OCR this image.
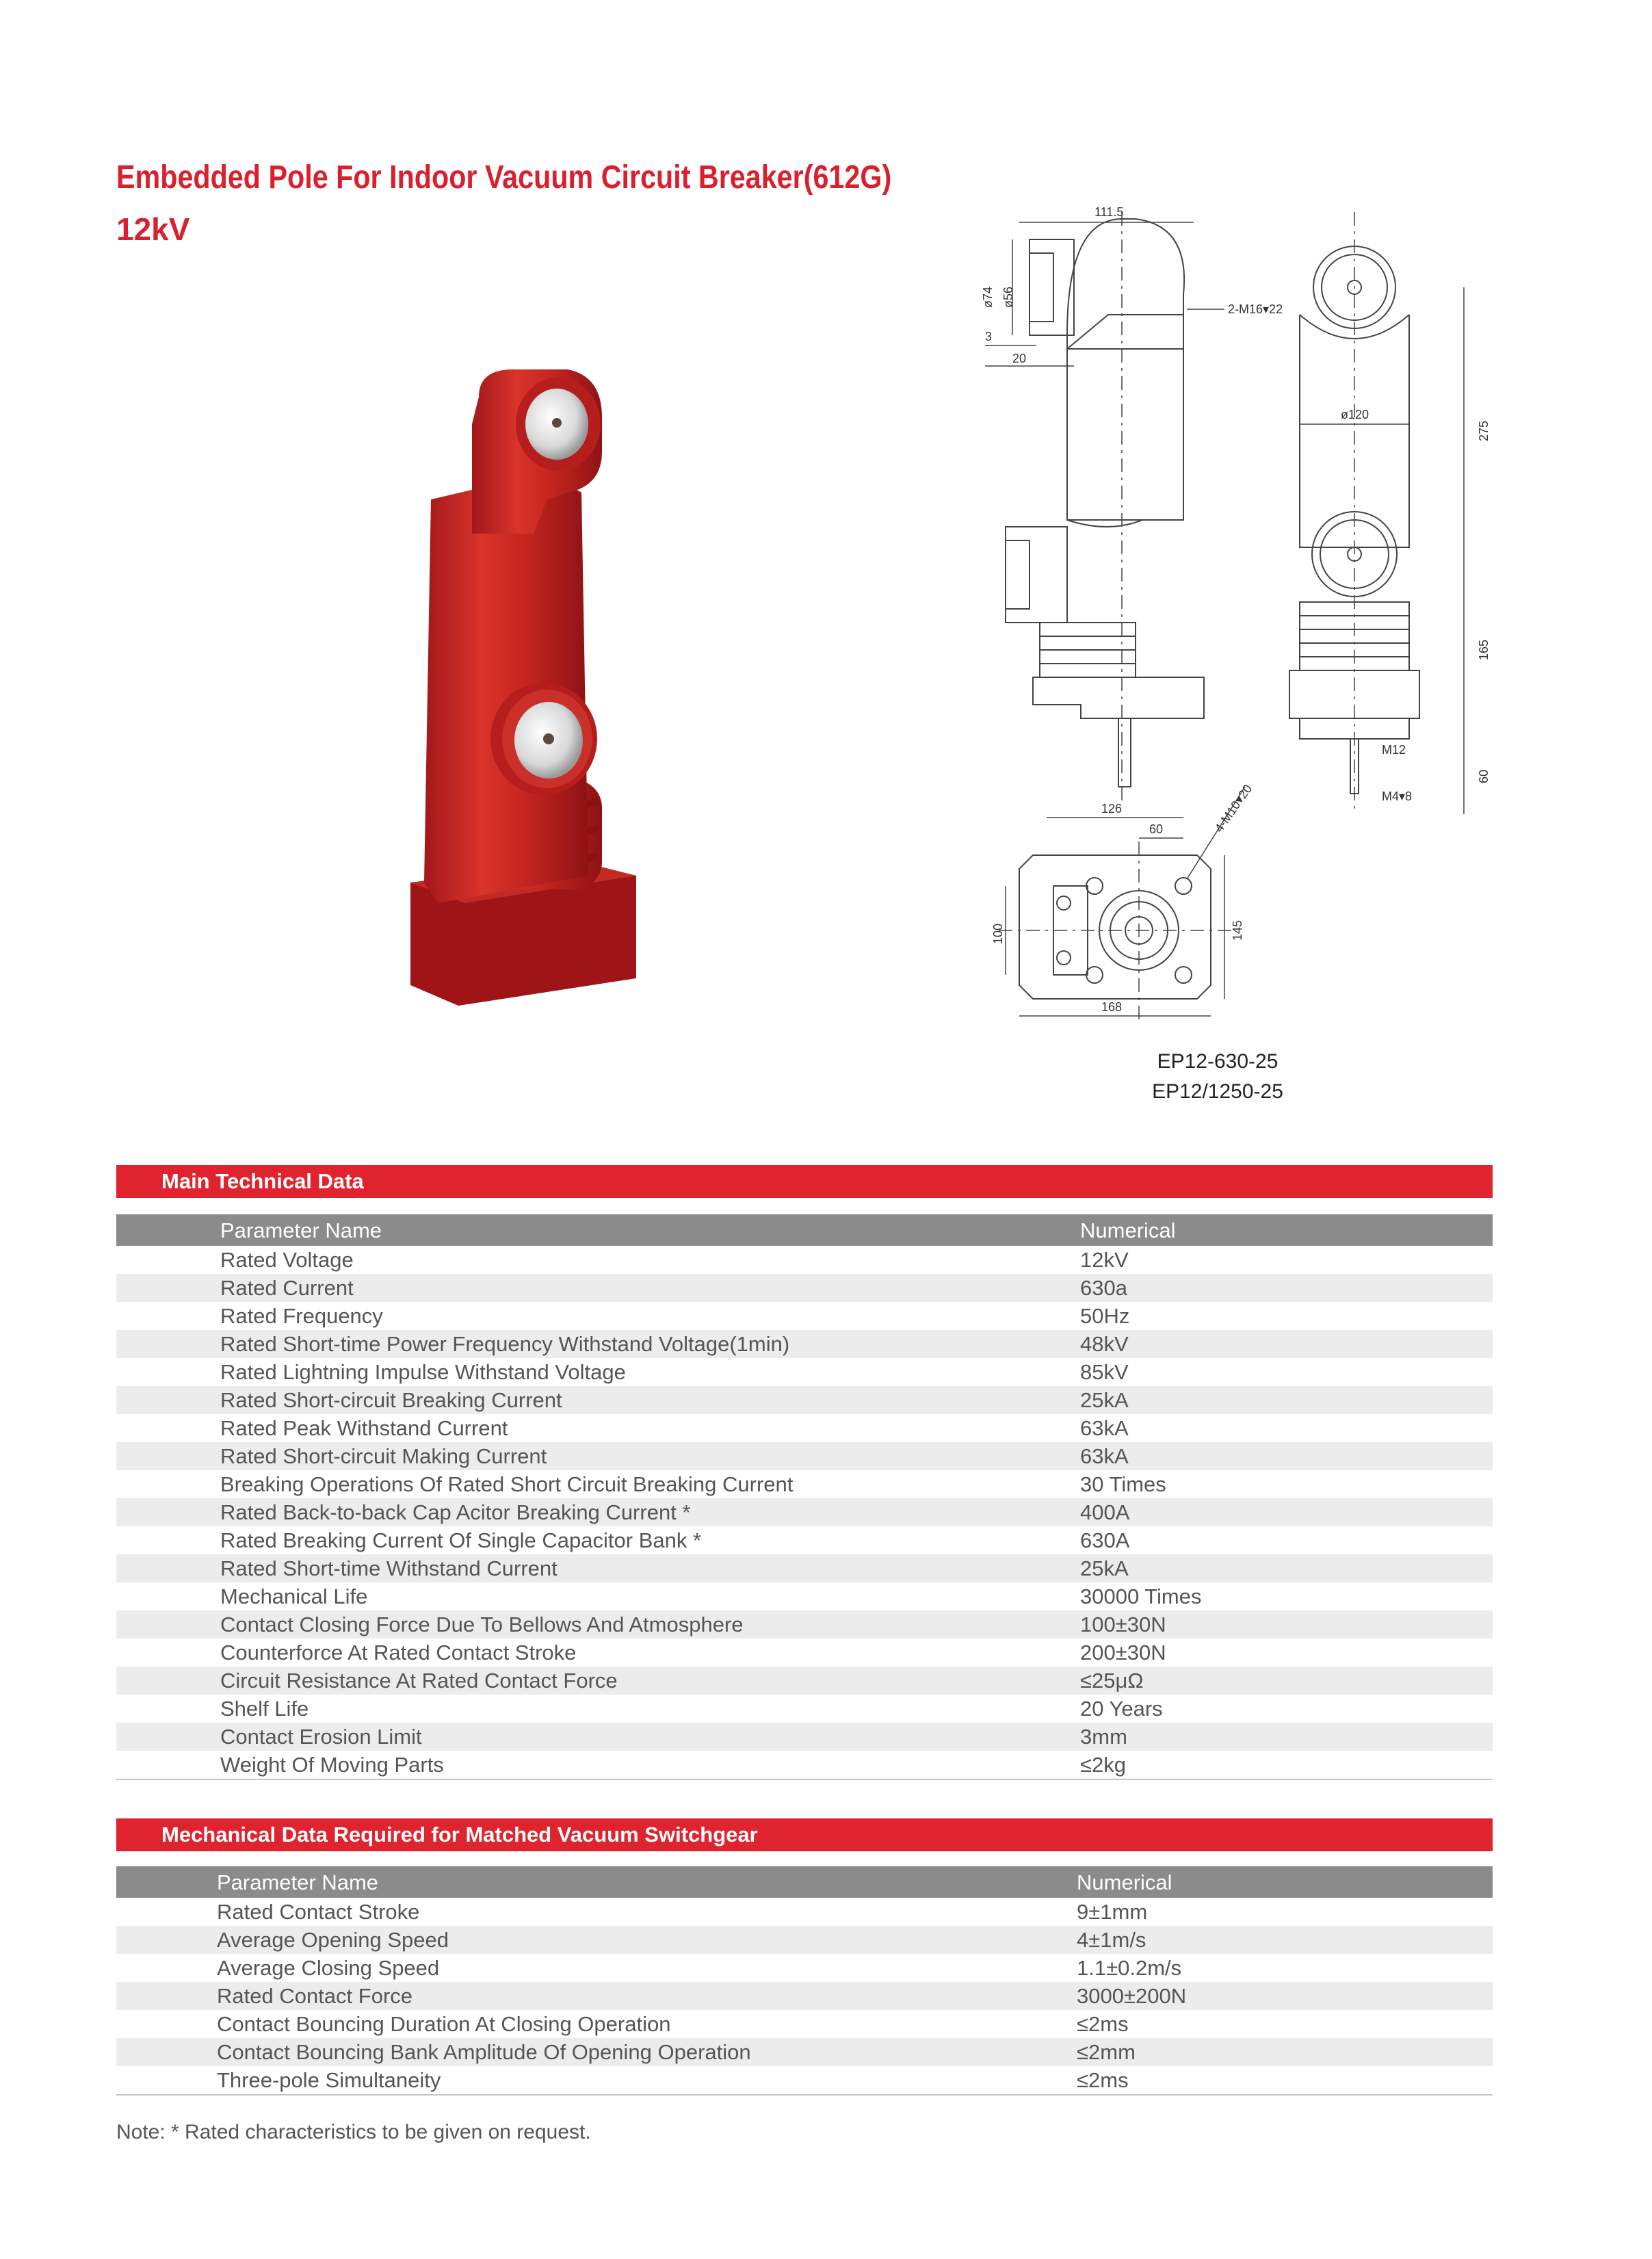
Embedded Pole For Indoor Vacuum Circuit Breaker(612G)
12kV	111.5
ø74 ø56
3
20
2-M16▾22
ø120
275
165
60
M12
M4▾8
126
60	4-M10▾20
100	145
168
EP12-630-25
EP12/1250-25
Main Technical Data
Parameter Name	Numerical
Rated Voltage	12kV
Rated Current	630a
Rated Frequency	50Hz
Rated Short-time Power Frequency Withstand Voltage(1min)	48kV
Rated Lightning Impulse Withstand Voltage	85kV
Rated Short-circuit Breaking Current	25kA
Rated Peak Withstand Current	63kA
Rated Short-circuit Making Current	63kA
Breaking Operations Of Rated Short Circuit Breaking Current	30 Times
Rated Back-to-back Cap Acitor Breaking Current *	400A
Rated Breaking Current Of Single Capacitor Bank *	630A
Rated Short-time Withstand Current	25kA
Mechanical Life	30000 Times
Contact Closing Force Due To Bellows And Atmosphere	100±30N
Counterforce At Rated Contact Stroke	200±30N
Circuit Resistance At Rated Contact Force	≤25μΩ
Shelf Life	20 Years
Contact Erosion Limit	3mm
Weight Of Moving Parts	≤2kg
Mechanical Data Required for Matched Vacuum Switchgear
Parameter Name	Numerical
Rated Contact Stroke	9±1mm
Average Opening Speed	4±1m/s
Average Closing Speed	1.1±0.2m/s
Rated Contact Force	3000±200N
Contact Bouncing Duration At Closing Operation	≤2ms
Contact Bouncing Bank Amplitude Of Opening Operation	≤2mm
Three-pole Simultaneity	≤2ms
Note: * Rated characteristics to be given on request.
